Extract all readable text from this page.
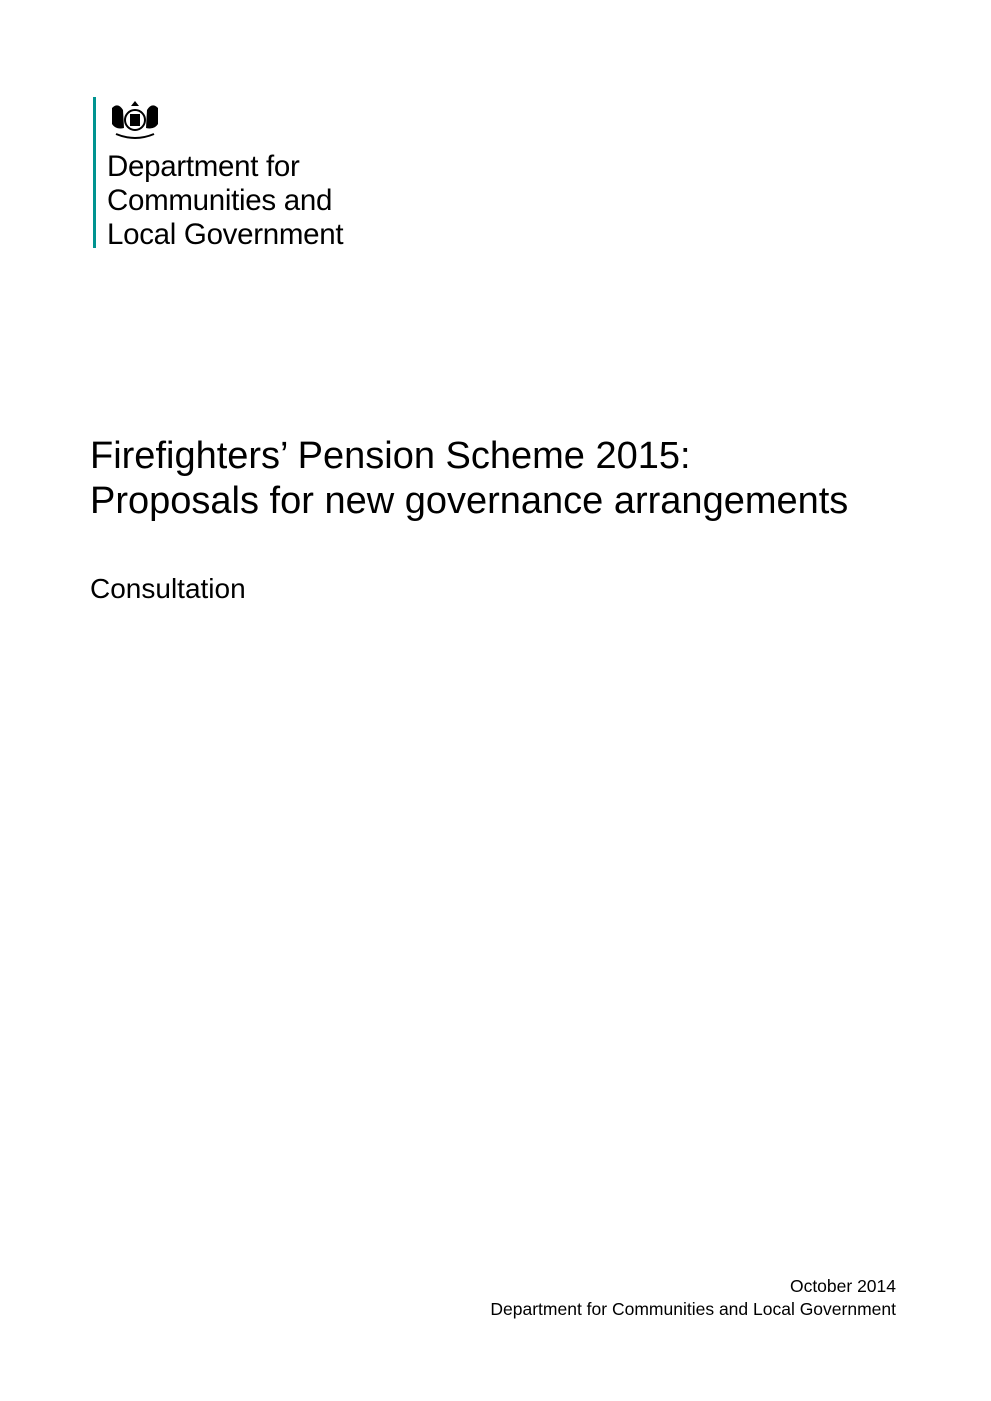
Department for
Communities and
Local Government
Firefighters’ Pension Scheme 2015:
Proposals for new governance arrangements
Consultation
October 2014
Department for Communities and Local Government
